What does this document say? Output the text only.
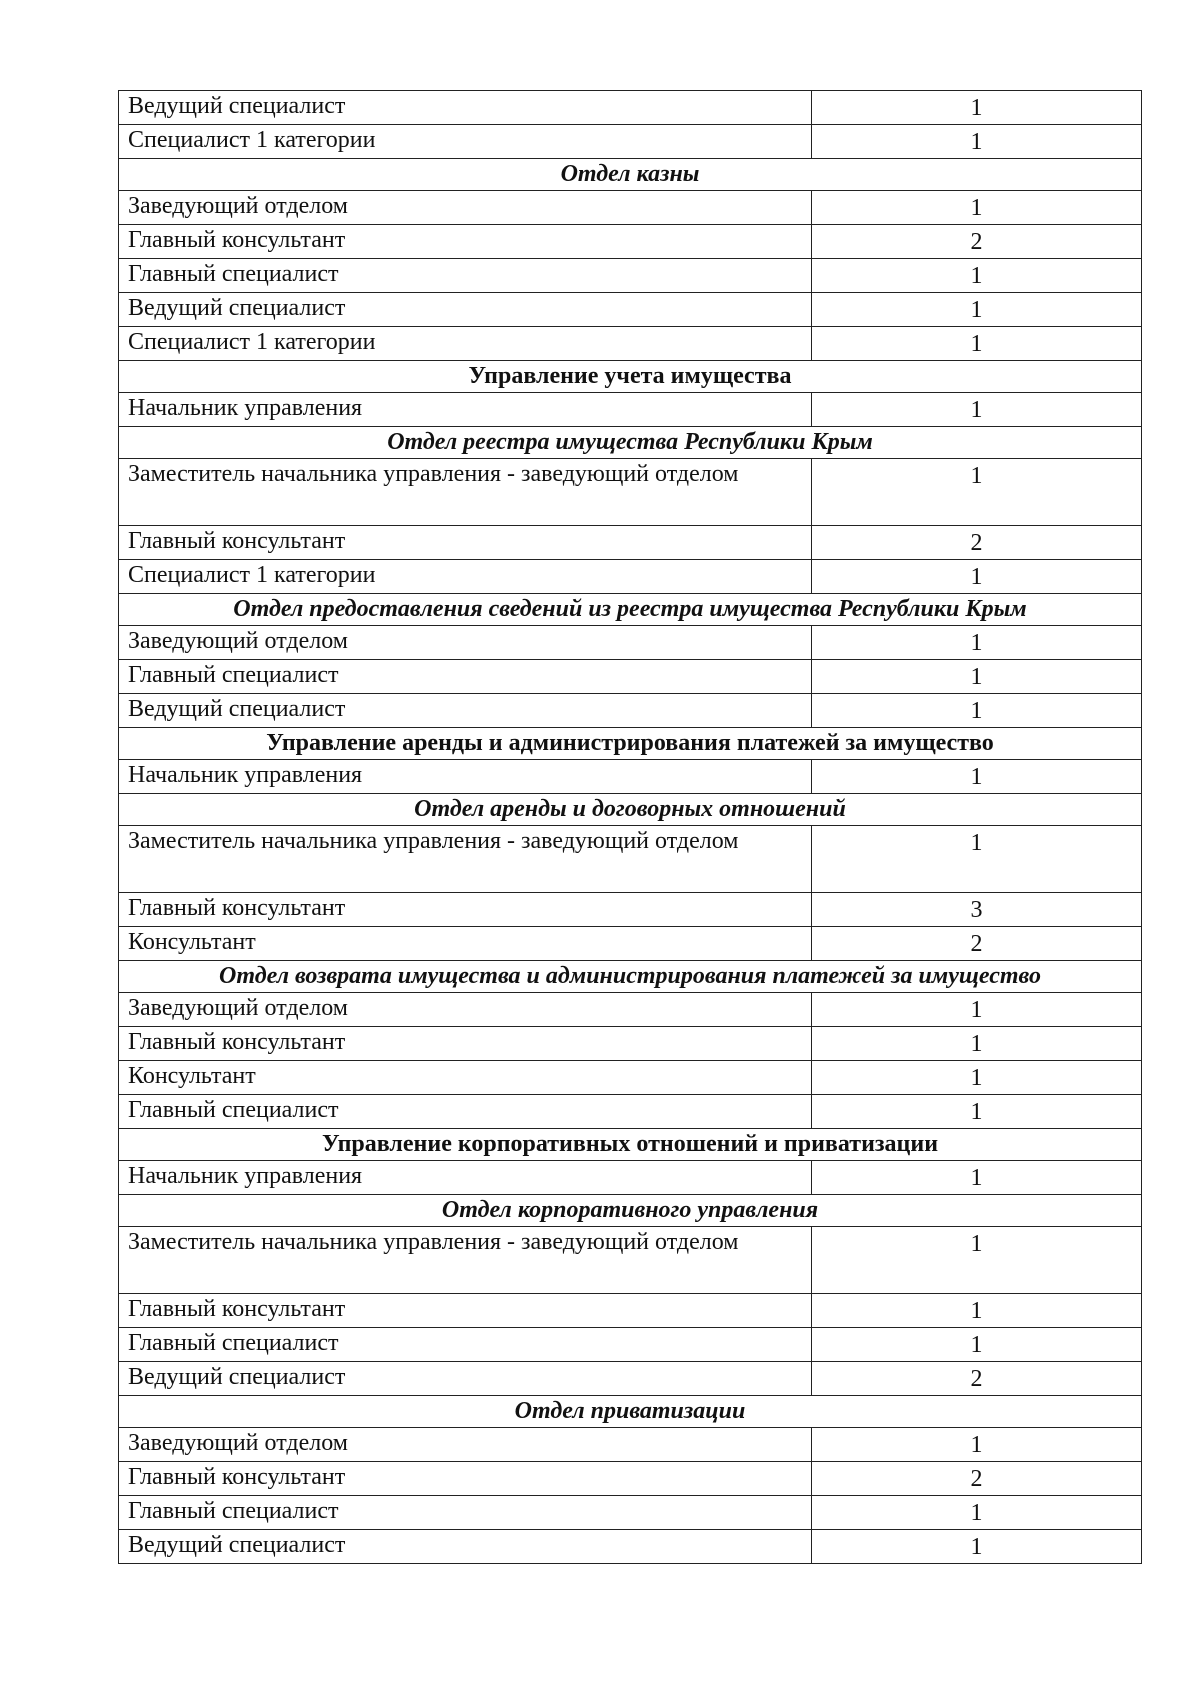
Ведущий специалист	1
Специалист 1 категории	1
Отдел казны	
Заведующий отделом	1
Главный консультант	2
Главный специалист	1
Ведущий специалист	1
Специалист 1 категории	1
Управление учета имущества	
Начальник управления	1
Отдел реестра имущества Республики Крым	
Заместитель начальника управления - заведующий отделом	1
Главный консультант	2
Специалист 1 категории	1
Отдел предоставления сведений из реестра имущества Республики Крым	
Заведующий отделом	1
Главный специалист	1
Ведущий специалист	1
Управление аренды и администрирования платежей за имущество	
Начальник управления	1
Отдел аренды и договорных отношений	
Заместитель начальника управления - заведующий отделом	1
Главный консультант	3
Консультант	2
Отдел возврата имущества и администрирования платежей за имущество	
Заведующий отделом	1
Главный консультант	1
Консультант	1
Главный специалист	1
Управление корпоративных отношений и приватизации	
Начальник управления	1
Отдел корпоративного управления	
Заместитель начальника управления - заведующий отделом	1
Главный консультант	1
Главный специалист	1
Ведущий специалист	2
Отдел приватизации	
Заведующий отделом	1
Главный консультант	2
Главный специалист	1
Ведущий специалист	1
